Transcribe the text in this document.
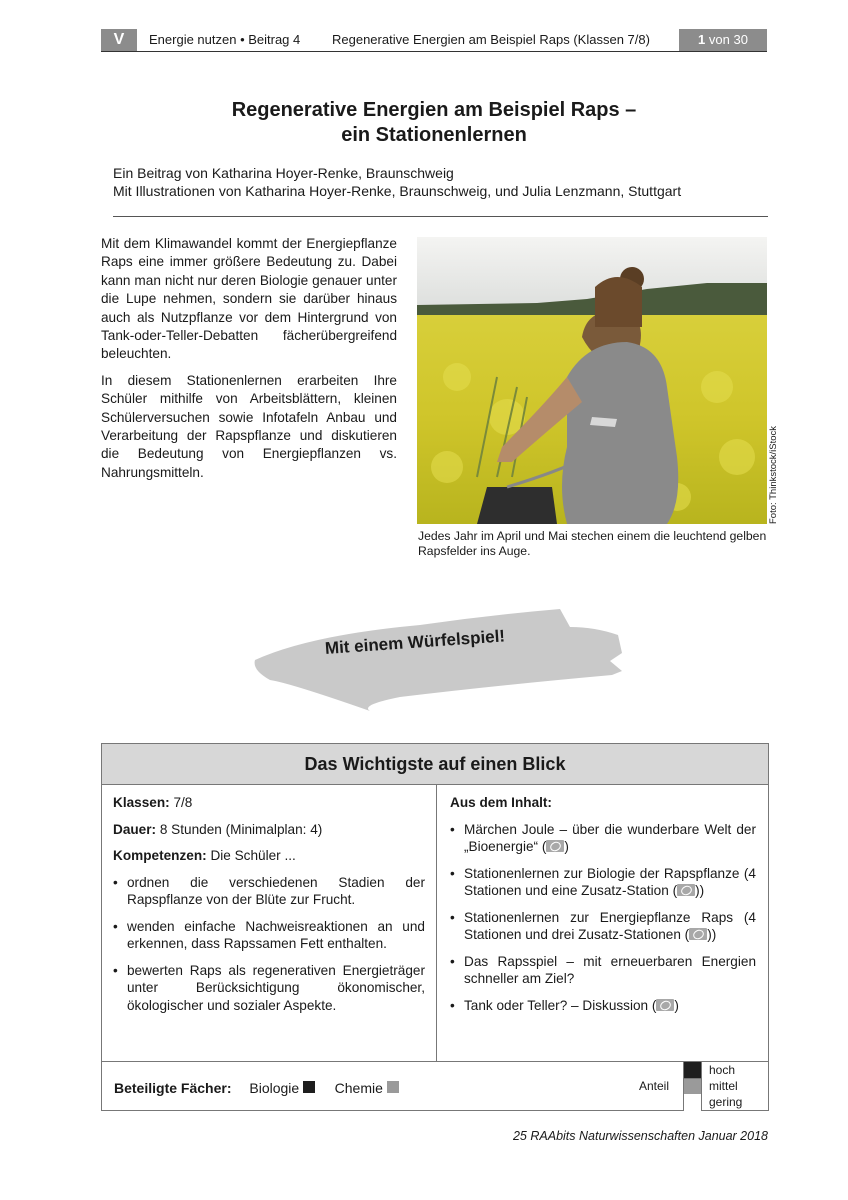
V	Energie nutzen • Beitrag 4 Regenerative Energien am Beispiel Raps (Klassen 7/8)	1 von 30
Regenerative Energien am Beispiel Raps –
ein Stationenlernen
Ein Beitrag von Katharina Hoyer-Renke, Braunschweig
Mit Illustrationen von Katharina Hoyer-Renke, Braunschweig, und Julia Lenzmann, Stuttgart

Mit dem Klimawandel kommt der Energiepflanze Raps eine immer größere Bedeutung zu. Dabei kann man nicht nur deren Biologie genauer unter die Lupe nehmen, sondern sie darüber hinaus auch als Nutzpflanze vor dem Hintergrund von Tank-oder-Teller-Debatten fächerübergreifend beleuchten.

In diesem Stationenlernen erarbeiten Ihre Schüler mithilfe von Arbeitsblättern, kleinen Schülerversuchen sowie Infotafeln Anbau und Verarbeitung der Rapspflanze und diskutieren die Bedeutung von Energiepflanzen vs. Nahrungsmitteln.	Foto: Thinkstock/iStock
Jedes Jahr im April und Mai stechen einem die leuchtend gelben Rapsfelder ins Auge.
Mit einem Würfelspiel!
Das Wichtigste auf einen Blick
Klassen: 7/8
Dauer: 8 Stunden (Minimalplan: 4)
Kompetenzen: Die Schüler ...
• ordnen die verschiedenen Stadien der Rapspflanze von der Blüte zur Frucht.
• wenden einfache Nachweisreaktionen an und erkennen, dass Rapssamen Fett enthalten.
• bewerten Raps als regenerativen Energieträger unter Berücksichtigung ökonomischer, ökologischer und sozialer Aspekte.
Aus dem Inhalt:
• Märchen Joule – über die wunderbare Welt der „Bioenergie“ ( )
• Stationenlernen zur Biologie der Rapspflanze (4 Stationen und eine Zusatz-Station ( ))
• Stationenlernen zur Energiepflanze Raps (4 Stationen und drei Zusatz-Stationen ( ))
• Das Rapsspiel – mit erneuerbaren Energien schneller am Ziel?
• Tank oder Teller? – Diskussion ( )
Beteiligte Fächer: Biologie	Chemie	Anteil
hoch
mittel
gering
25 RAAbits Naturwissenschaften Januar 2018
